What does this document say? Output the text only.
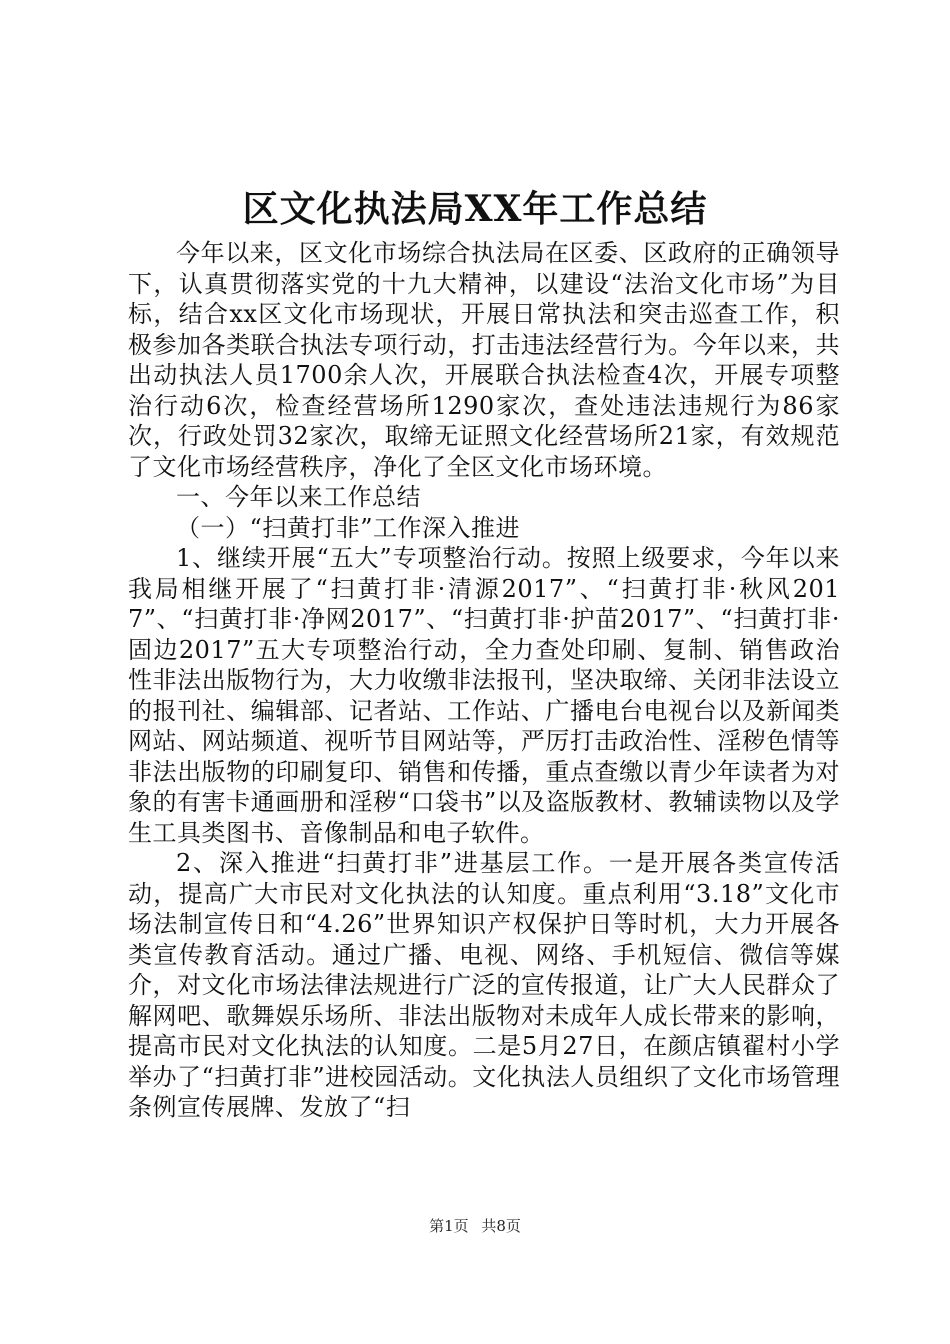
区文化执法局XX年工作总结

今年以来，区文化市场综合执法局在区委、区政府的正确领导下，认真贯彻落实党的十九大精神，以建设“法治文化市场”为目标，结合xx区文化市场现状，开展日常执法和突击巡查工作，积极参加各类联合执法专项行动，打击违法经营行为。今年以来，共出动执法人员1700余人次，开展联合执法检查4次，开展专项整治行动6次，检查经营场所1290家次，查处违法违规行为86家次，行政处罚32家次，取缔无证照文化经营场所21家，有效规范了文化市场经营秩序，净化了全区文化市场环境。

一、今年以来工作总结

（一）“扫黄打非”工作深入推进

1、继续开展“五大”专项整治行动。按照上级要求，今年以来我局相继开展了“扫黄打非·清源2017”、“扫黄打非·秋风2017”、“扫黄打非·净网2017”、“扫黄打非·护苗2017”、“扫黄打非·固边2017”五大专项整治行动，全力查处印刷、复制、销售政治性非法出版物行为，大力收缴非法报刊，坚决取缔、关闭非法设立的报刊社、编辑部、记者站、工作站、广播电台电视台以及新闻类网站、网站频道、视听节目网站等，严厉打击政治性、淫秽色情等非法出版物的印刷复印、销售和传播，重点查缴以青少年读者为对象的有害卡通画册和淫秽“口袋书”以及盗版教材、教辅读物以及学生工具类图书、音像制品和电子软件。

2、深入推进“扫黄打非”进基层工作。一是开展各类宣传活动，提高广大市民对文化执法的认知度。重点利用“3.18”文化市场法制宣传日和“4.26”世界知识产权保护日等时机，大力开展各类宣传教育活动。通过广播、电视、网络、手机短信、微信等媒介，对文化市场法律法规进行广泛的宣传报道，让广大人民群众了解网吧、歌舞娱乐场所、非法出版物对未成年人成长带来的影响，提高市民对文化执法的认知度。二是5月27日，在颜店镇翟村小学举办了“扫黄打非”进校园活动。文化执法人员组织了文化市场管理条例宣传展牌、发放了“扫

第1页 共8页
